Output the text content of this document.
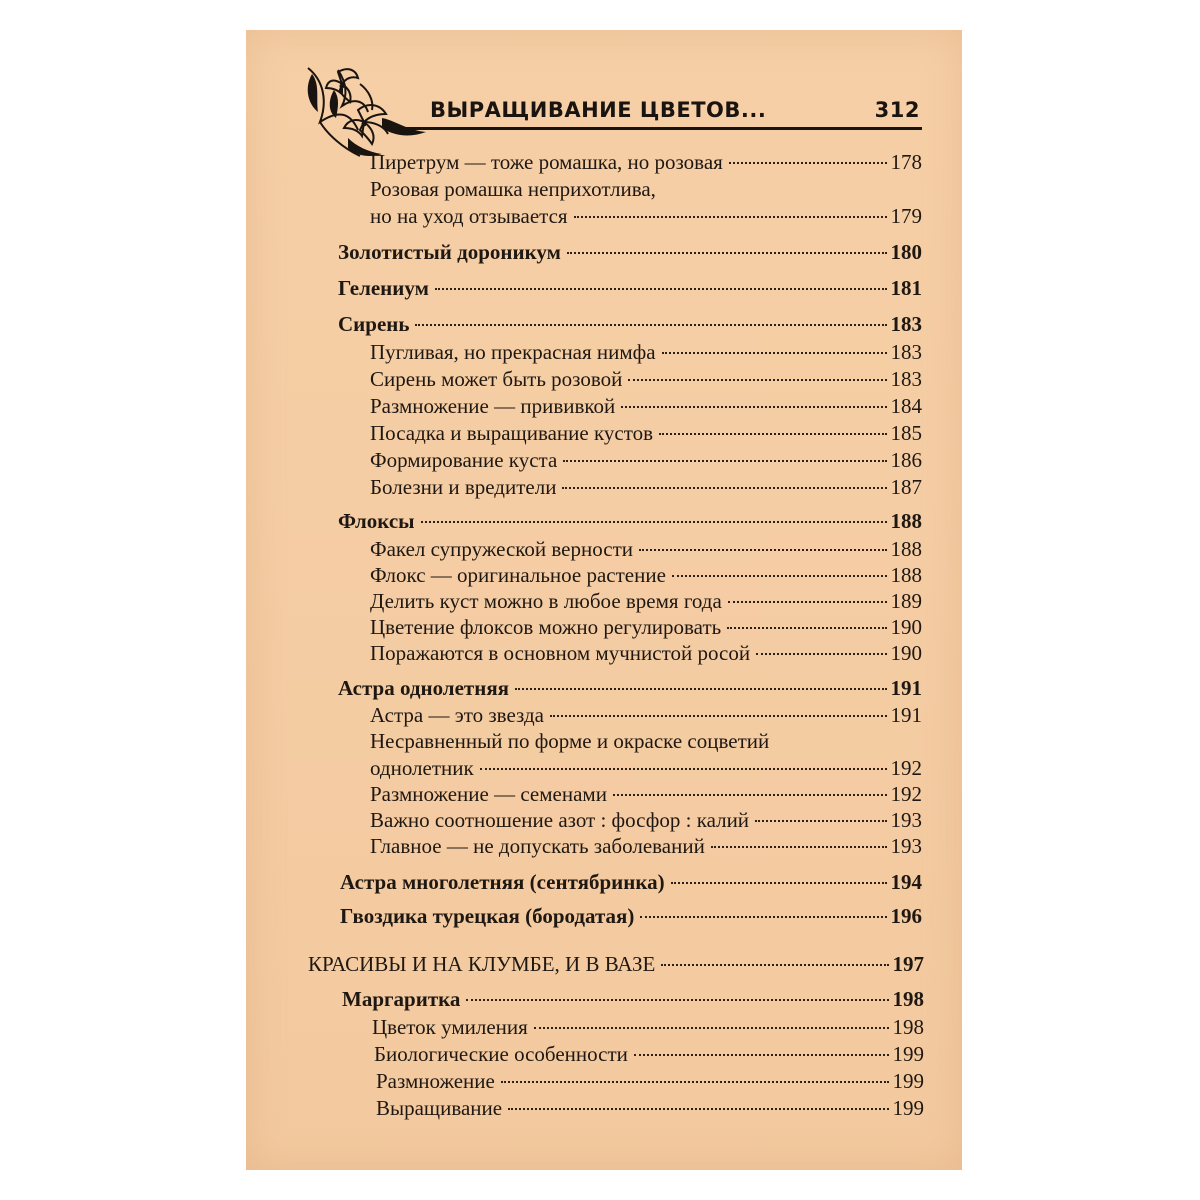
ВЫРАЩИВАНИЕ ЦВЕТОВ...	312
Пиретрум — тоже ромашка, но розовая	178
Розовая ромашка неприхотлива,
но на уход отзывается	179
Золотистый дороникум	180
Гелениум	181
Сирень	183
Пугливая, но прекрасная нимфа	183
Сирень может быть розовой	183
Размножение — прививкой	184
Посадка и выращивание кустов	185
Формирование куста	186
Болезни и вредители	187
Флоксы	188
Факел супружеской верности	188
Флокс — оригинальное растение	188
Делить куст можно в любое время года	189
Цветение флоксов можно регулировать	190
Поражаются в основном мучнистой росой	190
Астра однолетняя	191
Астра — это звезда	191
Несравненный по форме и окраске соцветий
однолетник	192
Размножение — семенами	192
Важно соотношение азот : фосфор : калий	193
Главное — не допускать заболеваний	193
Астра многолетняя (сентябринка)	194
Гвоздика турецкая (бородатая)	196
КРАСИВЫ И НА КЛУМБЕ, И В ВАЗЕ	197
Маргаритка	198
Цветок умиления	198
Биологические особенности	199
Размножение	199
Выращивание	199
